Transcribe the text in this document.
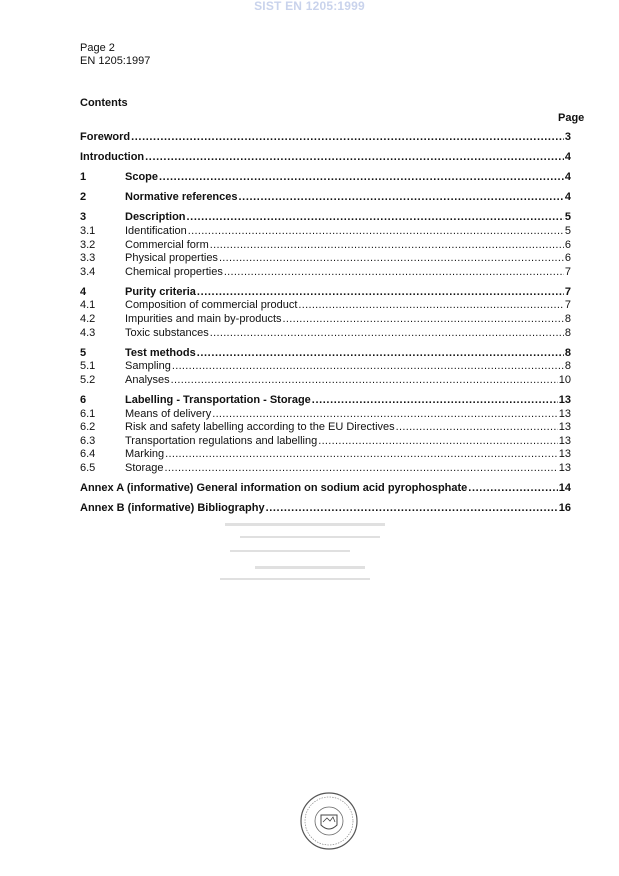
SIST EN 1205:1999
Page 2
EN 1205:1997
Contents
Page
Foreword .....	3
Introduction .....	4
1	Scope .....	4
2	Normative references .....	4
3	Description .....	5
3.1	Identification .....	5
3.2	Commercial form .....	6
3.3	Physical properties .....	6
3.4	Chemical properties .....	7
4	Purity criteria .....	7
4.1	Composition of commercial product .....	7
4.2	Impurities and main by-products .....	8
4.3	Toxic substances .....	8
5	Test methods .....	8
5.1	Sampling .....	8
5.2	Analyses .....	10
6	Labelling - Transportation - Storage .....	13
6.1	Means of delivery .....	13
6.2	Risk and safety labelling according to the EU Directives .....	13
6.3	Transportation regulations and labelling .....	13
6.4	Marking .....	13
6.5	Storage .....	13
Annex A (informative) General information on sodium acid pyrophosphate .....	14
Annex B (informative) Bibliography .....	16
